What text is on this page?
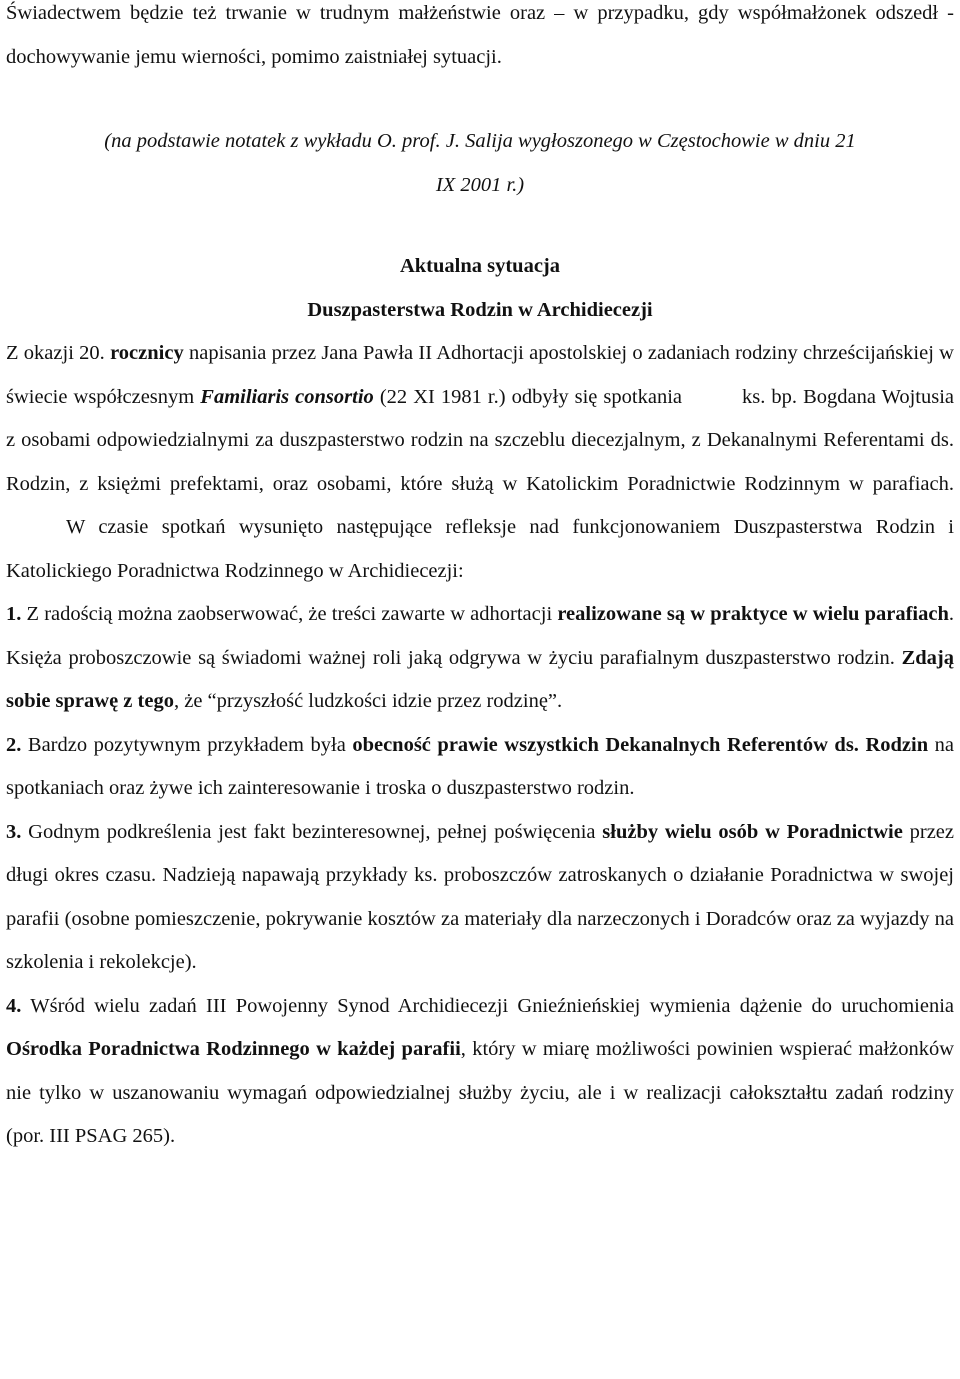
Świadectwem będzie też trwanie w trudnym małżeństwie oraz – w przypadku, gdy współmałżonek odszedł - dochowywanie jemu wierności, pomimo zaistniałej sytuacji.

(na podstawie notatek z wykładu O. prof. J. Salija wygłoszonego w Częstochowie w dniu 21
IX 2001 r.)

Aktualna sytuacja

Duszpasterstwa Rodzin w Archidiecezji

Z okazji 20. rocznicy napisania przez Jana Pawła II Adhortacji apostolskiej o zadaniach rodziny chrześcijańskiej w świecie współczesnym Familiaris consortio (22 XI 1981 r.) odbyły się spotkania	ks. bp. Bogdana Wojtusia z osobami odpowiedzialnymi za duszpasterstwo rodzin na szczeblu diecezjalnym, z Dekanalnymi Referentami ds. Rodzin, z księżmi prefektami, oraz osobami, które służą w Katolickim Poradnictwie Rodzinnym w parafiach.W czasie spotkań wysunięto następujące refleksje nad funkcjonowaniem Duszpasterstwa Rodzin i Katolickiego Poradnictwa Rodzinnego w Archidiecezji:

1. Z radością można zaobserwować, że treści zawarte w adhortacji realizowane są w praktyce w wielu parafiach. Księża proboszczowie są świadomi ważnej roli jaką odgrywa w życiu parafialnym duszpasterstwo rodzin. Zdają sobie sprawę z tego, że “przyszłość ludzkości idzie przez rodzinę”.

2. Bardzo pozytywnym przykładem była obecność prawie wszystkich Dekanalnych Referentów ds. Rodzin na spotkaniach oraz żywe ich zainteresowanie i troska o duszpasterstwo rodzin.

3. Godnym podkreślenia jest fakt bezinteresownej, pełnej poświęcenia służby wielu osób w Poradnictwie przez długi okres czasu. Nadzieją napawają przykłady ks. proboszczów zatroskanych o działanie Poradnictwa w swojej parafii (osobne pomieszczenie, pokrywanie kosztów za materiały dla narzeczonych i Doradców oraz za wyjazdy na szkolenia i rekolekcje).

4. Wśród wielu zadań III Powojenny Synod Archidiecezji Gnieźnieńskiej wymienia dążenie do uruchomienia Ośrodka Poradnictwa Rodzinnego w każdej parafii, który w miarę możliwości powinien wspierać małżonków nie tylko w uszanowaniu wymagań odpowiedzialnej służby życiu, ale i w realizacji całokształtu zadań rodziny (por. III PSAG 265).
